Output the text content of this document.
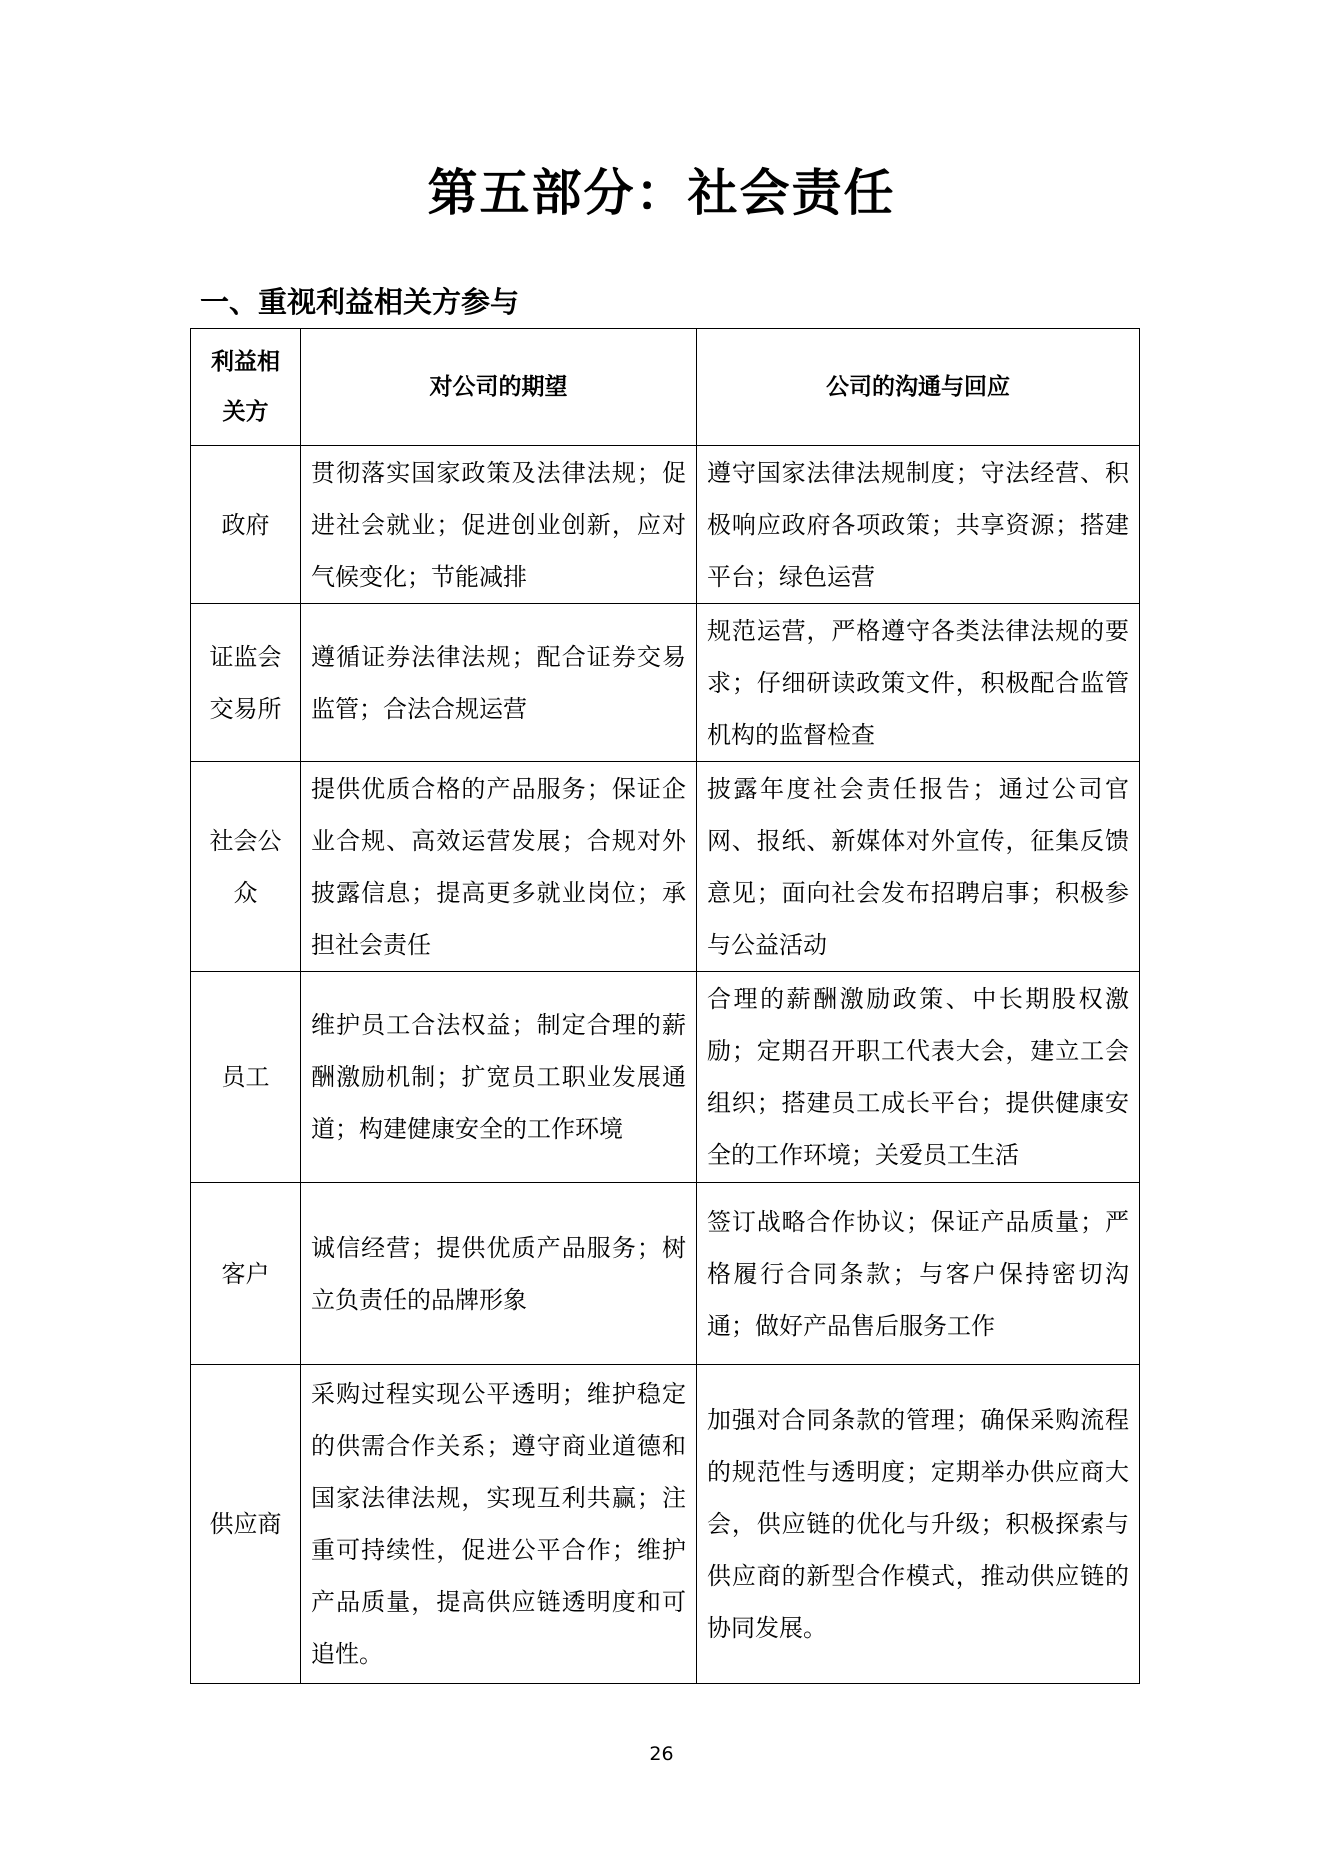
第五部分：社会责任
一、重视利益相关方参与
利益相关方	对公司的期望	公司的沟通与回应
政府	贯彻落实国家政策及法律法规；促进社会就业；促进创业创新，应对气候变化；节能减排	遵守国家法律法规制度；守法经营、积极响应政府各项政策；共享资源；搭建平台；绿色运营
证监会交易所	遵循证券法律法规；配合证券交易监管；合法合规运营	规范运营，严格遵守各类法律法规的要求；仔细研读政策文件，积极配合监管机构的监督检查
社会公众	提供优质合格的产品服务；保证企业合规、高效运营发展；合规对外披露信息；提高更多就业岗位；承担社会责任	披露年度社会责任报告；通过公司官网、报纸、新媒体对外宣传，征集反馈意见；面向社会发布招聘启事；积极参与公益活动
员工	维护员工合法权益；制定合理的薪酬激励机制；扩宽员工职业发展通道；构建健康安全的工作环境	合理的薪酬激励政策、中长期股权激励；定期召开职工代表大会，建立工会组织；搭建员工成长平台；提供健康安全的工作环境；关爱员工生活
客户	诚信经营；提供优质产品服务；树立负责任的品牌形象	签订战略合作协议；保证产品质量；严格履行合同条款；与客户保持密切沟通；做好产品售后服务工作
供应商	采购过程实现公平透明；维护稳定的供需合作关系；遵守商业道德和国家法律法规，实现互利共赢；注重可持续性，促进公平合作；维护产品质量，提高供应链透明度和可追性。	加强对合同条款的管理；确保采购流程的规范性与透明度；定期举办供应商大会，供应链的优化与升级；积极探索与供应商的新型合作模式，推动供应链的协同发展。
26
